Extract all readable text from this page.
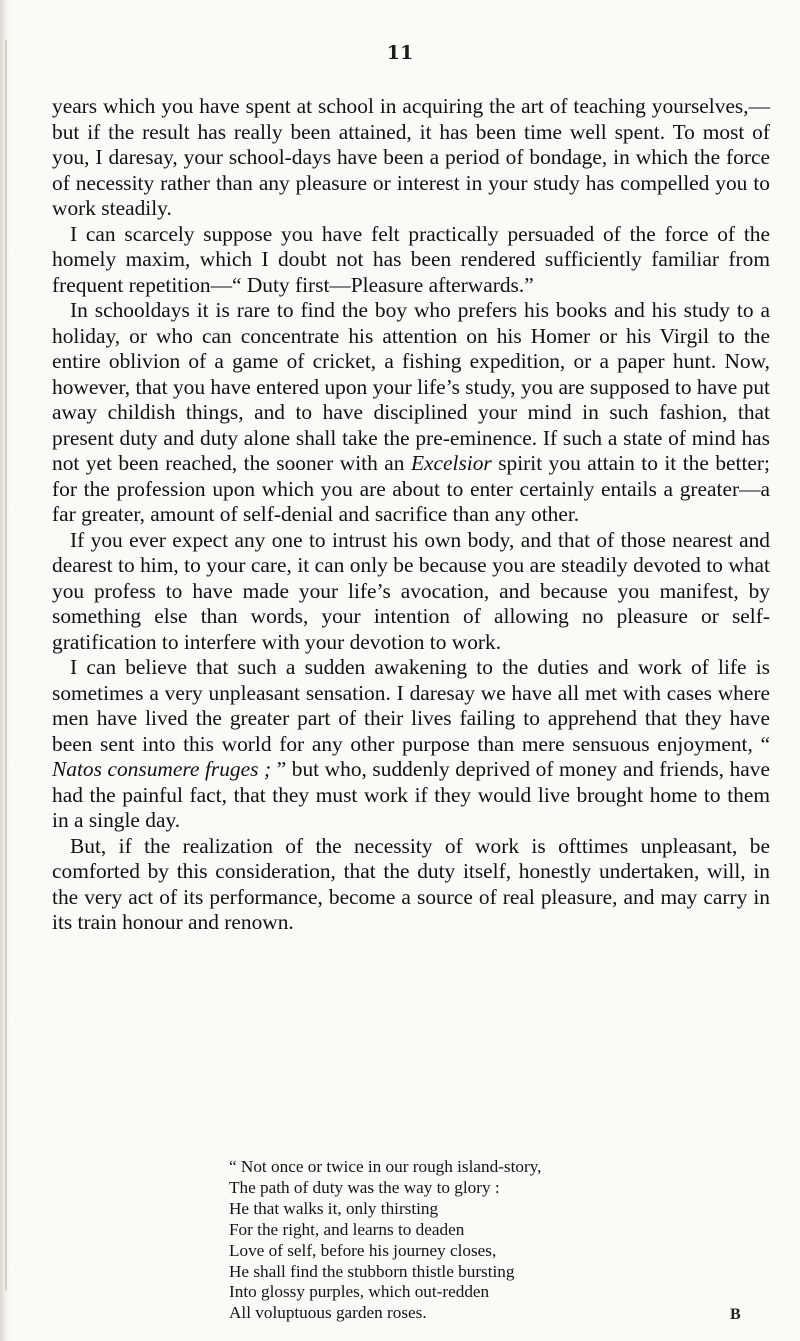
11

years which you have spent at school in acquiring the art of teaching yourselves,—but if the result has really been attained, it has been time well spent. To most of you, I daresay, your school-days have been a period of bondage, in which the force of necessity rather than any pleasure or interest in your study has compelled you to work steadily.

I can scarcely suppose you have felt practically persuaded of the force of the homely maxim, which I doubt not has been rendered sufficiently familiar from frequent repetition—“ Duty first—Pleasure afterwards.”

In schooldays it is rare to find the boy who prefers his books and his study to a holiday, or who can concentrate his attention on his Homer or his Virgil to the entire oblivion of a game of cricket, a fishing expedition, or a paper hunt. Now, however, that you have entered upon your life’s study, you are supposed to have put away childish things, and to have disciplined your mind in such fashion, that present duty and duty alone shall take the pre-eminence. If such a state of mind has not yet been reached, the sooner with an Excelsior spirit you attain to it the better; for the profession upon which you are about to enter certainly entails a greater—a far greater, amount of self-denial and sacrifice than any other.

If you ever expect any one to intrust his own body, and that of those nearest and dearest to him, to your care, it can only be because you are steadily devoted to what you profess to have made your life’s avocation, and because you manifest, by something else than words, your intention of allowing no pleasure or self-gratification to interfere with your devotion to work.

I can believe that such a sudden awakening to the duties and work of life is sometimes a very unpleasant sensation. I daresay we have all met with cases where men have lived the greater part of their lives failing to apprehend that they have been sent into this world for any other purpose than mere sensuous enjoyment, “ Natos consumere fruges ; ” but who, suddenly deprived of money and friends, have had the painful fact, that they must work if they would live brought home to them in a single day.

But, if the realization of the necessity of work is ofttimes unpleasant, be comforted by this consideration, that the duty itself, honestly undertaken, will, in the very act of its performance, become a source of real pleasure, and may carry in its train honour and renown.

“ Not once or twice in our rough island-story,
The path of duty was the way to glory :
He that walks it, only thirsting
For the right, and learns to deaden
Love of self, before his journey closes,
He shall find the stubborn thistle bursting
Into glossy purples, which out-redden
All voluptuous garden roses.	B
